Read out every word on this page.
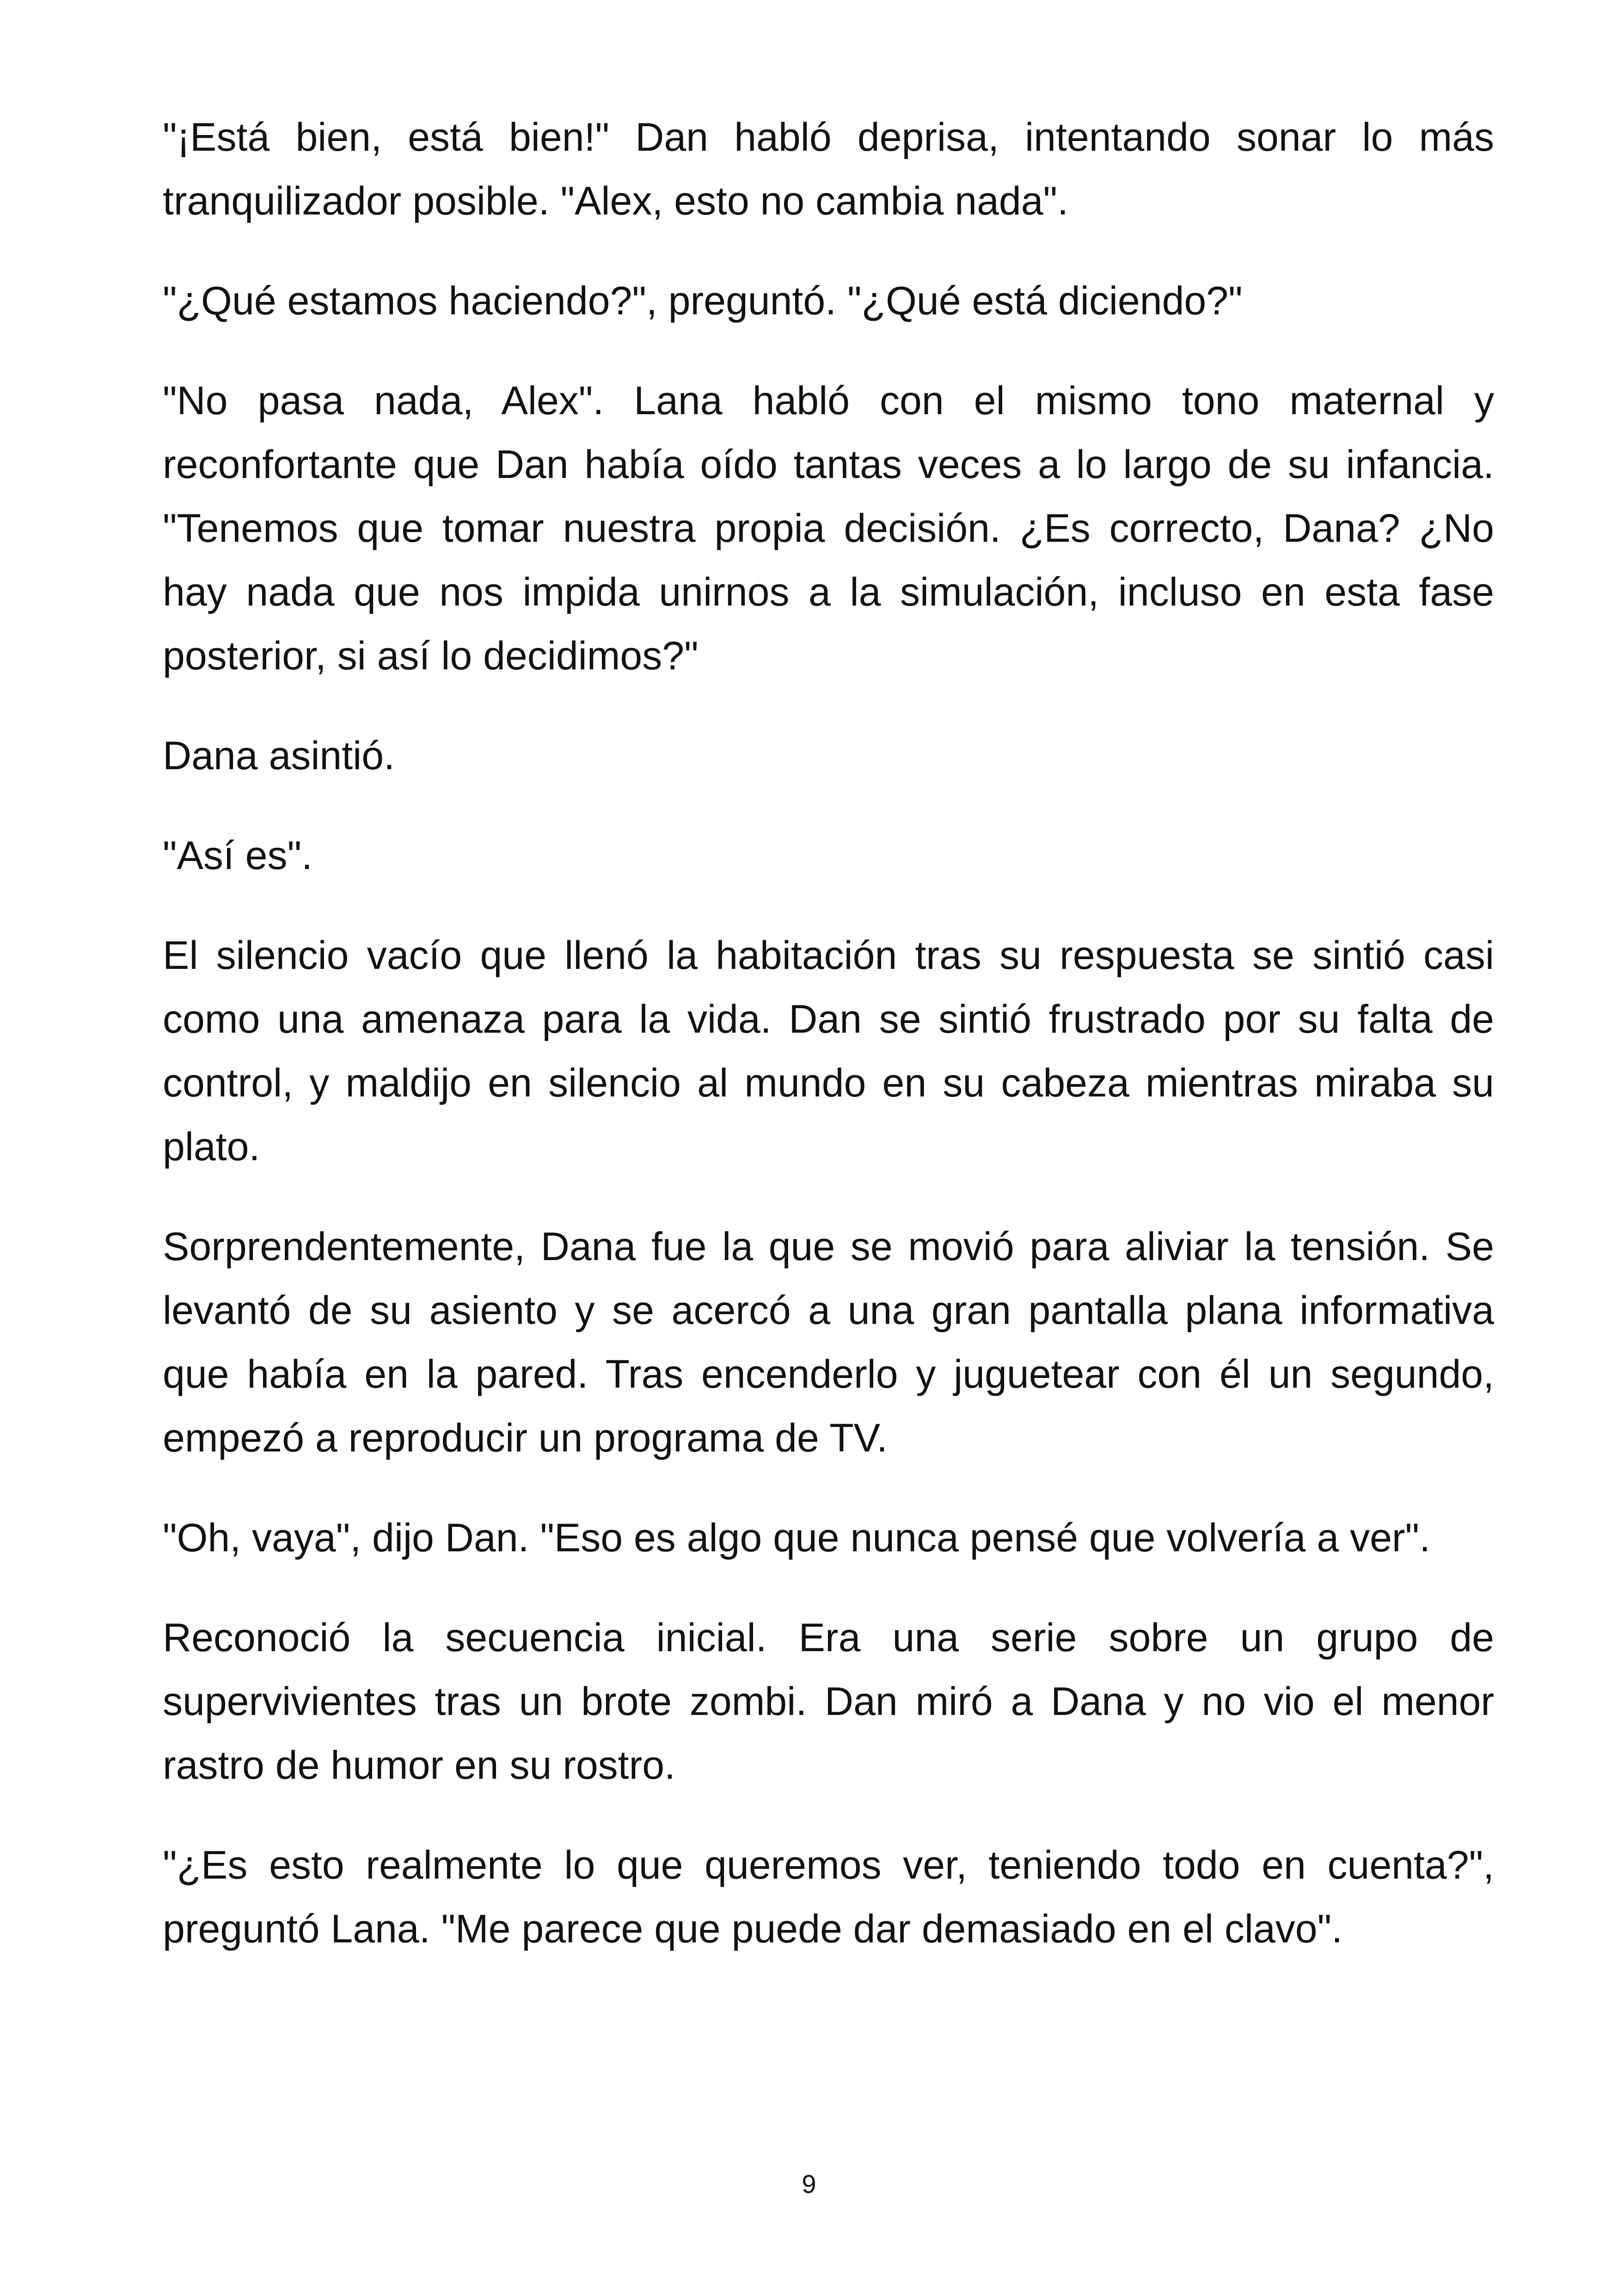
"¡Está bien, está bien!" Dan habló deprisa, intentando sonar lo más tranquilizador posible. "Alex, esto no cambia nada".

"¿Qué estamos haciendo?", preguntó. "¿Qué está diciendo?"

"No pasa nada, Alex". Lana habló con el mismo tono maternal y reconfortante que Dan había oído tantas veces a lo largo de su infancia. "Tenemos que tomar nuestra propia decisión. ¿Es correcto, Dana? ¿No hay nada que nos impida unirnos a la simulación, incluso en esta fase posterior, si así lo decidimos?"

Dana asintió.

"Así es".

El silencio vacío que llenó la habitación tras su respuesta se sintió casi como una amenaza para la vida. Dan se sintió frustrado por su falta de control, y maldijo en silencio al mundo en su cabeza mientras miraba su plato.

Sorprendentemente, Dana fue la que se movió para aliviar la tensión. Se levantó de su asiento y se acercó a una gran pantalla plana informativa que había en la pared. Tras encenderlo y juguetear con él un segundo, empezó a reproducir un programa de TV.

"Oh, vaya", dijo Dan. "Eso es algo que nunca pensé que volvería a ver".

Reconoció la secuencia inicial. Era una serie sobre un grupo de supervivientes tras un brote zombi. Dan miró a Dana y no vio el menor rastro de humor en su rostro.

"¿Es esto realmente lo que queremos ver, teniendo todo en cuenta?", preguntó Lana. "Me parece que puede dar demasiado en el clavo".

9
